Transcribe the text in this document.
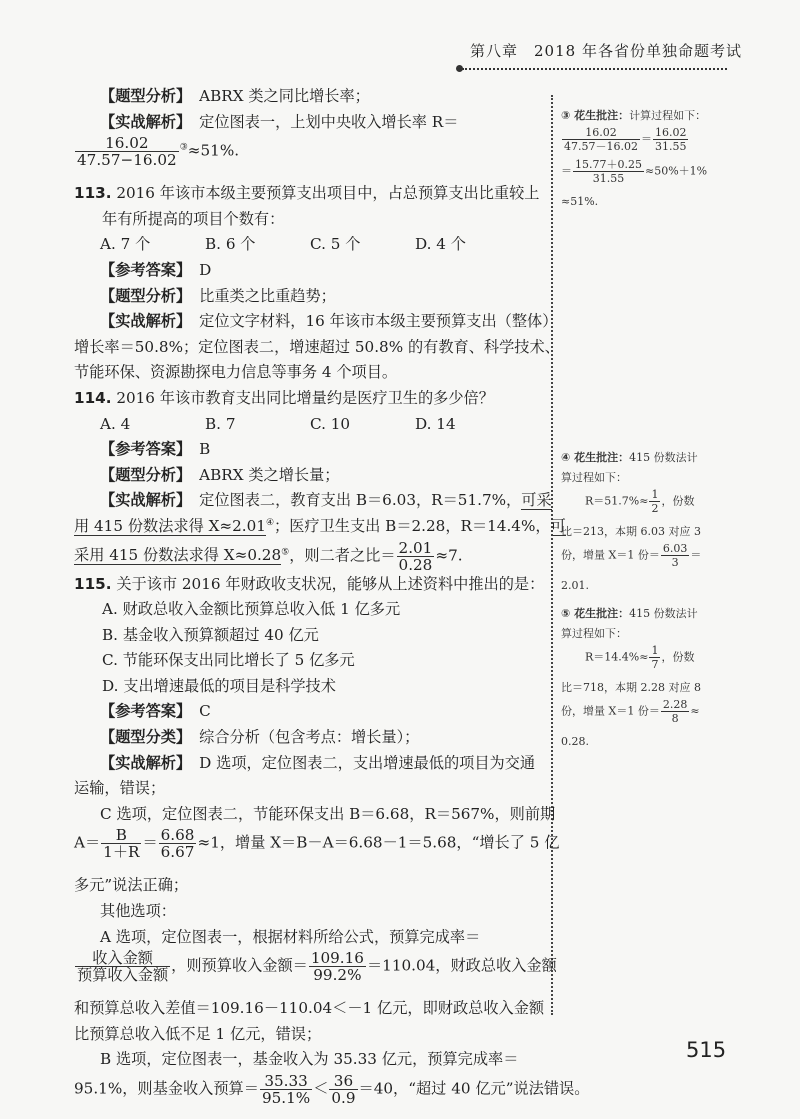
第八章　2018 年各省份单独命题考试
【题型分析】 ABRX 类之同比增长率；
【实战解析】 定位图表一，上划中央收入增长率 R＝
$\frac{16.02}{47.57-16.02} ^③\approx 51\%$.
113. 2016 年该市本级主要预算支出项目中，占总预算支出比重较上
年有所提高的项目个数有：
A. 7 个	B. 6 个	C. 5 个	D. 4 个
【参考答案】 D
【题型分析】 比重类之比重趋势；
【实战解析】 定位文字材料，16 年该市本级主要预算支出（整体）
增长率＝50.8%；定位图表二，增速超过 50.8% 的有教育、科学技术、
节能环保、资源勘探电力信息等事务 4 个项目。
114. 2016 年该市教育支出同比增量约是医疗卫生的多少倍？
A. 4	B. 7	C. 10	D. 14
【参考答案】 B
【题型分析】 ABRX 类之增长量；
【实战解析】 定位图表二，教育支出 B＝6.03，R＝51.7%，可采
用 415 份数法求得 X≈2.01④；医疗卫生支出 B＝2.28，R＝14.4%，可
采用 415 份数法求得 X≈0.28⑤，则二者之比＝ $\frac{2.01}{0.28} \approx 7$.
115. 关于该市 2016 年财政收支状况，能够从上述资料中推出的是：
A. 财政总收入金额比预算总收入低 1 亿多元
B. 基金收入预算额超过 40 亿元
C. 节能环保支出同比增长了 5 亿多元
D. 支出增速最低的项目是科学技术
【参考答案】 C
【题型分类】 综合分析（包含考点：增长量）；
【实战解析】 D 选项，定位图表二，支出增速最低的项目为交通
运输，错误；
C 选项，定位图表二，节能环保支出 B＝6.68，R＝567%，则前期
$A= \frac{B}{1+R} = \frac{6.68}{6.67} \approx 1$，增量 X＝B－A＝6.68－1＝5.68，“增长了 5 亿
多元”说法正确；
其他选项：
A 选项，定位图表一，根据材料所给公式，预算完成率＝
$\frac{\text{收入金额}}{\text{预算收入金额}}$ ，则预算收入金额＝ $\frac{109.16}{99.2\%} =110.04$，财政总收入金额
和预算总收入差值＝109.16－110.04＜－1 亿元，即财政总收入金额
比预算总收入低不足 1 亿元，错误；
B 选项，定位图表一，基金收入为 35.33 亿元，预算完成率＝
95.1%，则基金收入预算＝ $\frac{35.33}{95.1\%} < \frac{36}{0.9} =40$，“超过 40 亿元”说法错误。
③ 花生批注：计算过程如下：
$\frac{16.02}{47.57-16.02} = \frac{16.02}{31.55}$
＝ $\frac{15.77+0.25}{31.55} \approx 50\%+1\%$
≈51%.
④ 花生批注：415 份数法计
算过程如下：
$R=51.7\%\approx \frac{1}{2}$ ，份数
比＝213，本期 6.03 对应 3
份，增量 X＝1 份＝ $\frac{6.03}{3}$ ＝
2.01.
⑤ 花生批注：415 份数法计
算过程如下：
$R=14.4\%\approx \frac{1}{7}$ ，份数
比＝718，本期 2.28 对应 8
份，增量 X＝1 份＝ $\frac{2.28}{8}$ ≈
0.28.
515
